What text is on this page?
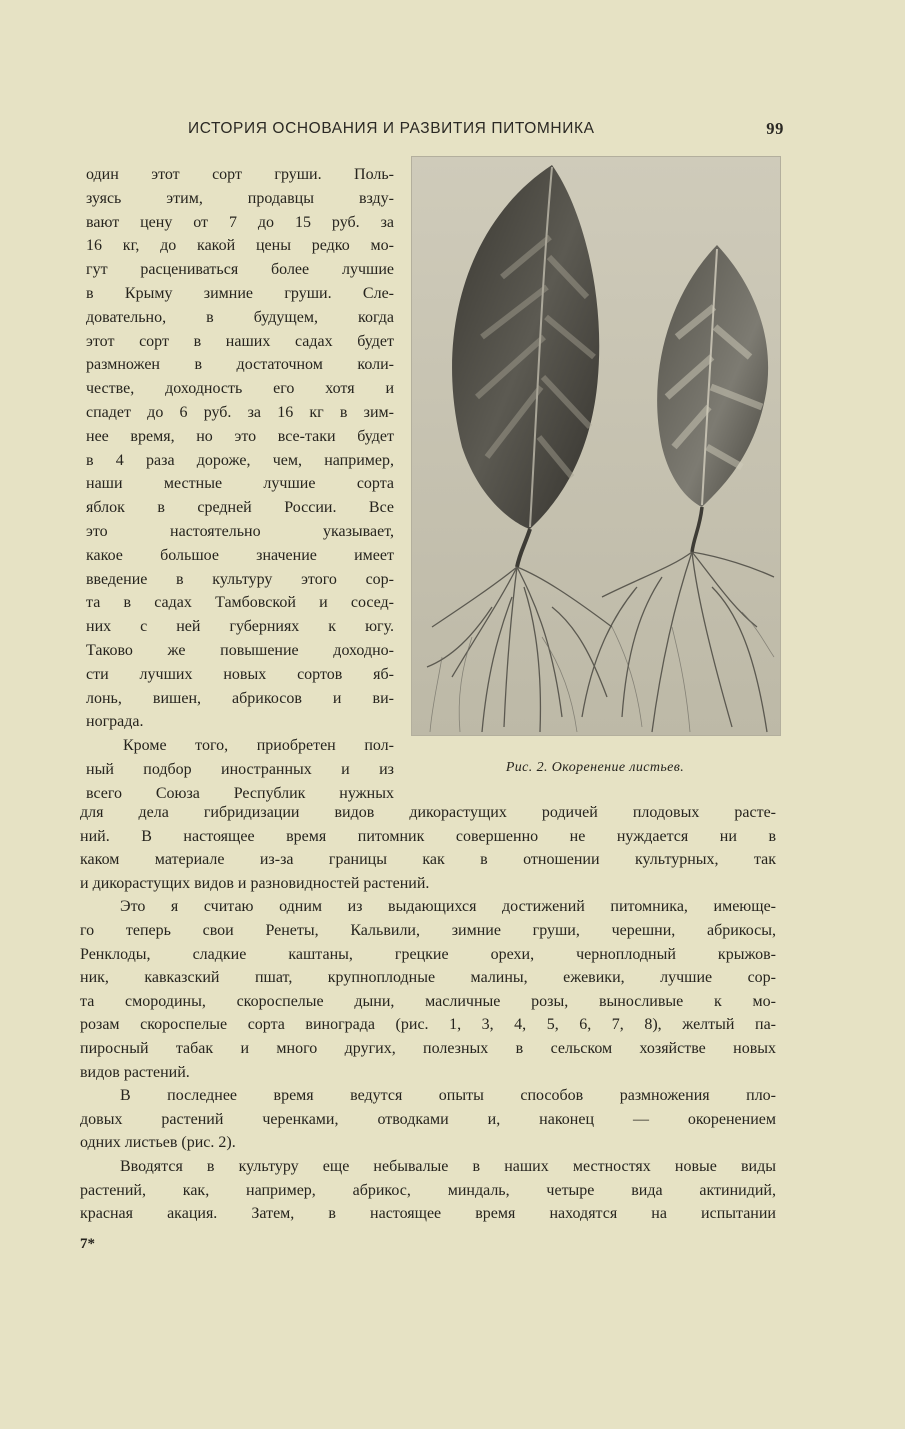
ИСТОРИЯ ОСНОВАНИЯ И РАЗВИТИЯ ПИТОМНИКА	99
один этот сорт груши. Поль-
зуясь этим, продавцы взду-
вают цену от 7 до 15 руб. за
16 кг, до какой цены редко мо-
гут расцениваться более лучшие
в Крыму зимние груши. Сле-
довательно, в будущем, когда
этот сорт в наших садах будет
размножен в достаточном коли-
честве, доходность его хотя и
спадет до 6 руб. за 16 кг в зим-
нее время, но это все-таки будет
в 4 раза дороже, чем, например,
наши местные лучшие сорта
яблок в средней России. Все
это настоятельно указывает,
какое большое значение имеет
введение в культуру этого сор-
та в садах Тамбовской и сосед-
них с ней губерниях к югу.
Таково же повышение доходно-
сти лучших новых сортов яб-
лонь, вишен, абрикосов и ви-
нограда.
Кроме того, приобретен пол-
ный подбор иностранных и из
всего Союза Республик нужных
Рис. 2. Окоренение листьев.
для дела гибридизации видов дикорастущих родичей плодовых расте-
ний. В настоящее время питомник совершенно не нуждается ни в
каком материале из-за границы как в отношении культурных, так
и дикорастущих видов и разновидностей растений.
Это я считаю одним из выдающихся достижений питомника, имеюще-
го теперь свои Ренеты, Кальвили, зимние груши, черешни, абрикосы,
Ренклоды, сладкие каштаны, грецкие орехи, черноплодный крыжов-
ник, кавказский пшат, крупноплодные малины, ежевики, лучшие сор-
та смородины, скороспелые дыни, масличные розы, выносливые к мо-
розам скороспелые сорта винограда (рис. 1, 3, 4, 5, 6, 7, 8), желтый па-
пиросный табак и много других, полезных в сельском хозяйстве новых
видов растений.
В последнее время ведутся опыты способов размножения пло-
довых растений черенками, отводками и, наконец — окоренением
одних листьев (рис. 2).
Вводятся в культуру еще небывалые в наших местностях новые виды
растений, как, например, абрикос, миндаль, четыре вида актинидий,
красная акация. Затем, в настоящее время находятся на испытании
7*
